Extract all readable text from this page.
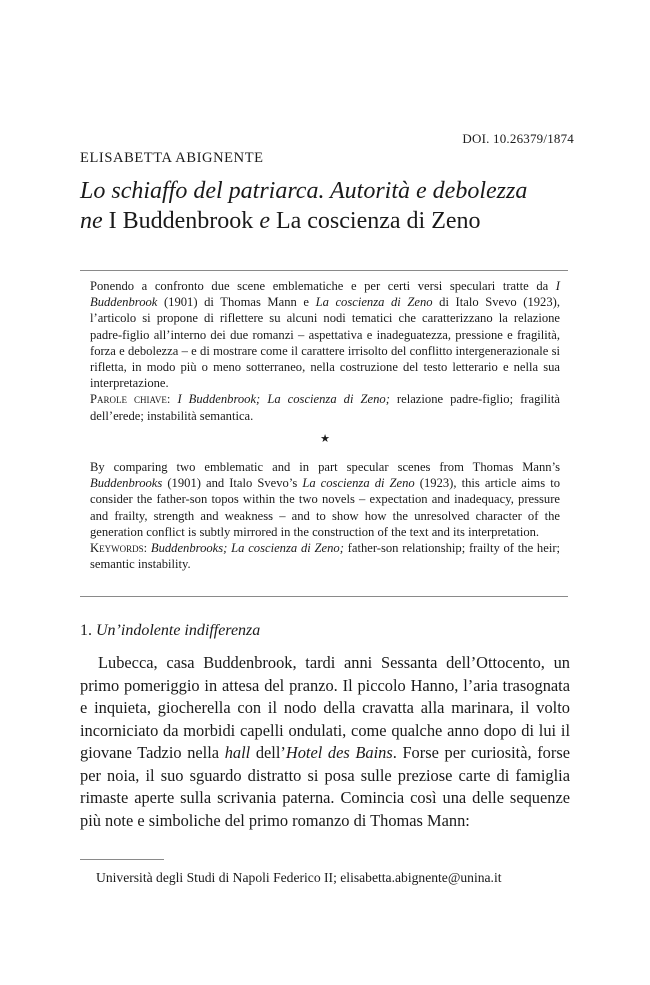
DOI. 10.26379/1874
ELISABETTA ABIGNENTE
Lo schiaffo del patriarca. Autorità e debolezza
ne I Buddenbrook e La coscienza di Zeno
Ponendo a confronto due scene emblematiche e per certi versi speculari tratte da I Buddenbrook (1901) di Thomas Mann e La coscienza di Zeno di Italo Svevo (1923), l’articolo si propone di riflettere su alcuni nodi tematici che caratterizzano la relazione padre-figlio all’interno dei due romanzi – aspettativa e inadeguatezza, pressione e fragilità, forza e debolezza – e di mostrare come il carattere irrisolto del conflitto intergenerazionale si rifletta, in modo più o meno sotterraneo, nella costruzione del testo letterario e nella sua interpretazione.
Parole chiave: I Buddenbrook; La coscienza di Zeno; relazione padre-figlio; fragilità dell’erede; instabilità semantica.
★
By comparing two emblematic and in part specular scenes from Thomas Mann’s Buddenbrooks (1901) and Italo Svevo’s La coscienza di Zeno (1923), this article aims to consider the father-son topos within the two novels – expectation and inadequacy, pressure and frailty, strength and weakness – and to show how the unresolved character of the generation conflict is subtly mirrored in the construction of the text and its interpretation.
Keywords: Buddenbrooks; La coscienza di Zeno; father-son relationship; frailty of the heir; semantic instability.
1. Un’indolente indifferenza
Lubecca, casa Buddenbrook, tardi anni Sessanta dell’Ottocento, un primo pomeriggio in attesa del pranzo. Il piccolo Hanno, l’aria trasognata e inquieta, giocherella con il nodo della cravatta alla marinara, il volto incorniciato da morbidi capelli ondulati, come qualche anno dopo di lui il giovane Tadzio nella hall dell’Hotel des Bains. Forse per curiosità, forse per noia, il suo sguardo distratto si posa sulle preziose carte di famiglia rimaste aperte sulla scrivania paterna. Comincia così una delle sequenze più note e simboliche del primo romanzo di Thomas Mann:
Università degli Studi di Napoli Federico II; elisabetta.abignente@unina.it
